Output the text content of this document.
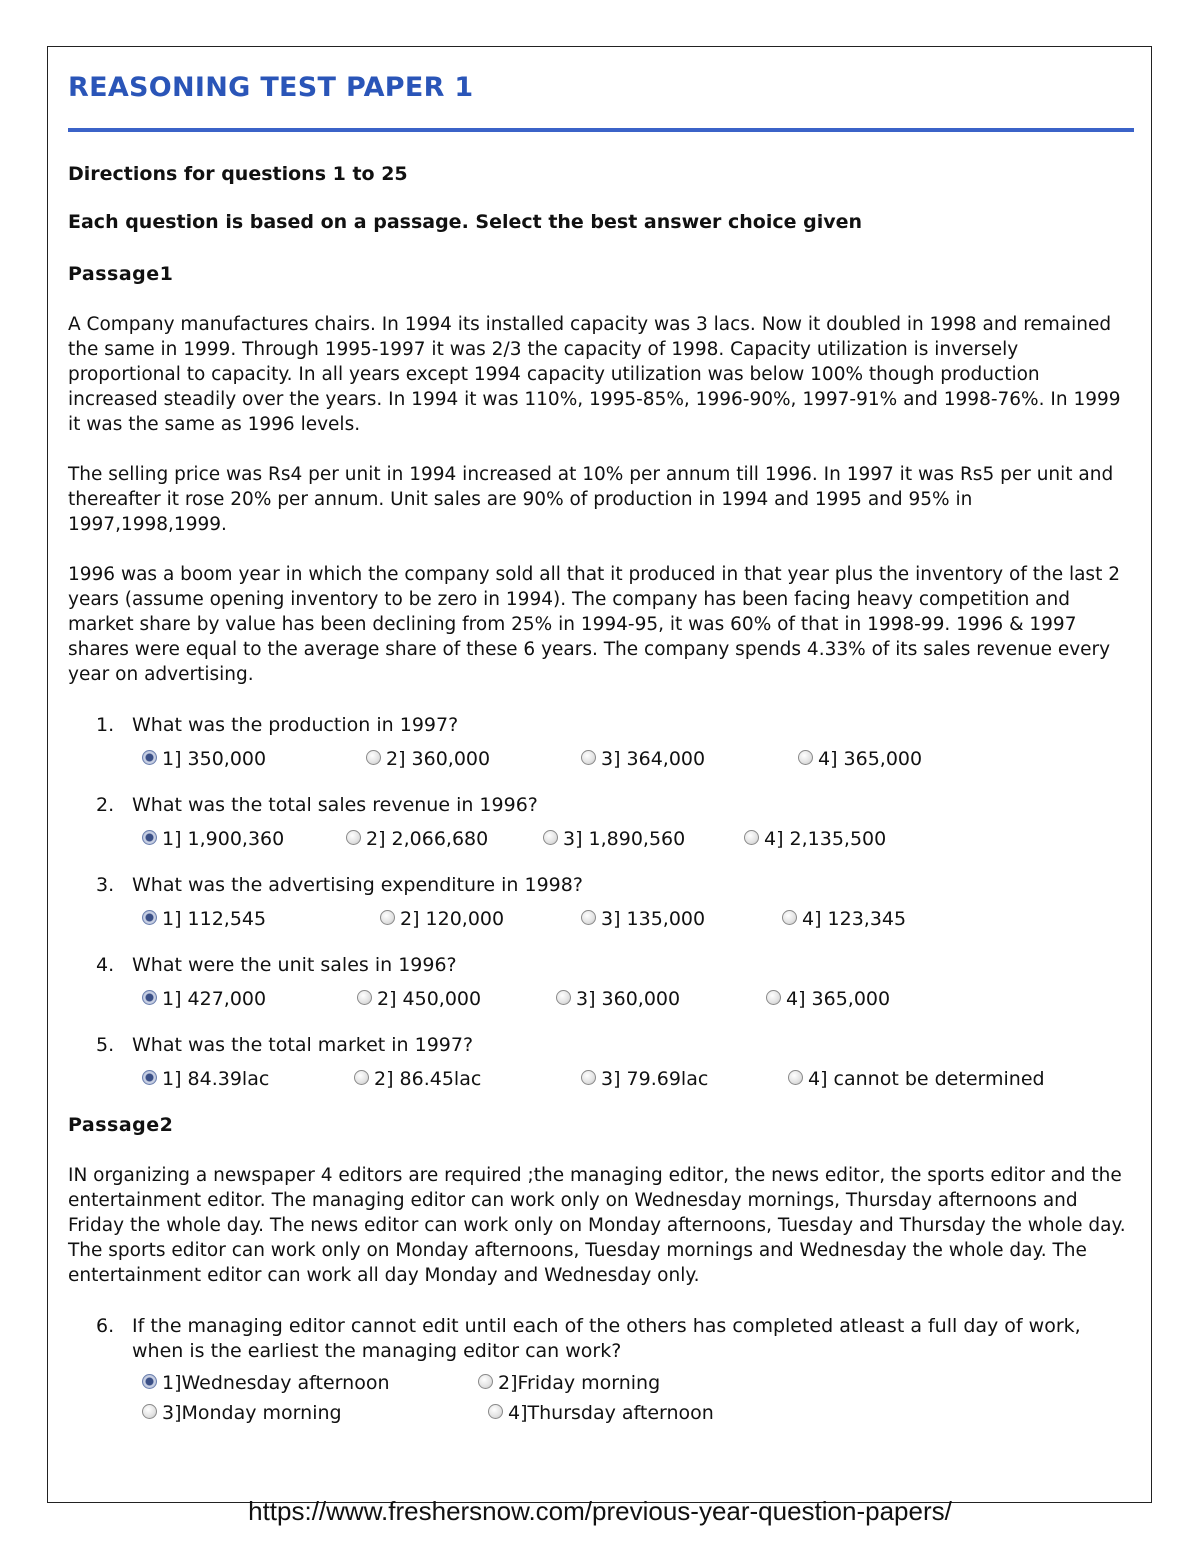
REASONING TEST PAPER 1

Directions for questions 1 to 25

Each question is based on a passage. Select the best answer choice given

Passage1

A Company manufactures chairs. In 1994 its installed capacity was 3 lacs. Now it doubled in 1998 and remained the same in 1999. Through 1995-1997 it was 2/3 the capacity of 1998. Capacity utilization is inversely proportional to capacity. In all years except 1994 capacity utilization was below 100% though production increased steadily over the years. In 1994 it was 110%, 1995-85%, 1996-90%, 1997-91% and 1998-76%. In 1999 it was the same as 1996 levels.

The selling price was Rs4 per unit in 1994 increased at 10% per annum till 1996. In 1997 it was Rs5 per unit and thereafter it rose 20% per annum. Unit sales are 90% of production in 1994 and 1995 and 95% in 1997,1998,1999.

1996 was a boom year in which the company sold all that it produced in that year plus the inventory of the last 2 years (assume opening inventory to be zero in 1994). The company has been facing heavy competition and market share by value has been declining from 25% in 1994-95, it was 60% of that in 1998-99. 1996 & 1997 shares were equal to the average share of these 6 years. The company spends 4.33% of its sales revenue every year on advertising.

1. What was the production in 1997?
1] 350,000	2] 360,000	3] 364,000	4] 365,000
2. What was the total sales revenue in 1996?
1] 1,900,360	2] 2,066,680	3] 1,890,560	4] 2,135,500
3. What was the advertising expenditure in 1998?
1] 112,545	2] 120,000	3] 135,000	4] 123,345
4. What were the unit sales in 1996?
1] 427,000	2] 450,000	3] 360,000	4] 365,000
5. What was the total market in 1997?
1] 84.39lac	2] 86.45lac	3] 79.69lac	4] cannot be determined

Passage2

IN organizing a newspaper 4 editors are required ;the managing editor, the news editor, the sports editor and the entertainment editor. The managing editor can work only on Wednesday mornings, Thursday afternoons and Friday the whole day. The news editor can work only on Monday afternoons, Tuesday and Thursday the whole day. The sports editor can work only on Monday afternoons, Tuesday mornings and Wednesday the whole day. The entertainment editor can work all day Monday and Wednesday only.

6. If the managing editor cannot edit until each of the others has completed atleast a full day of work, when is the earliest the managing editor can work?
1]Wednesday afternoon	2]Friday morning
3]Monday morning	4]Thursday afternoon
https://www.freshersnow.com/previous-year-question-papers/
